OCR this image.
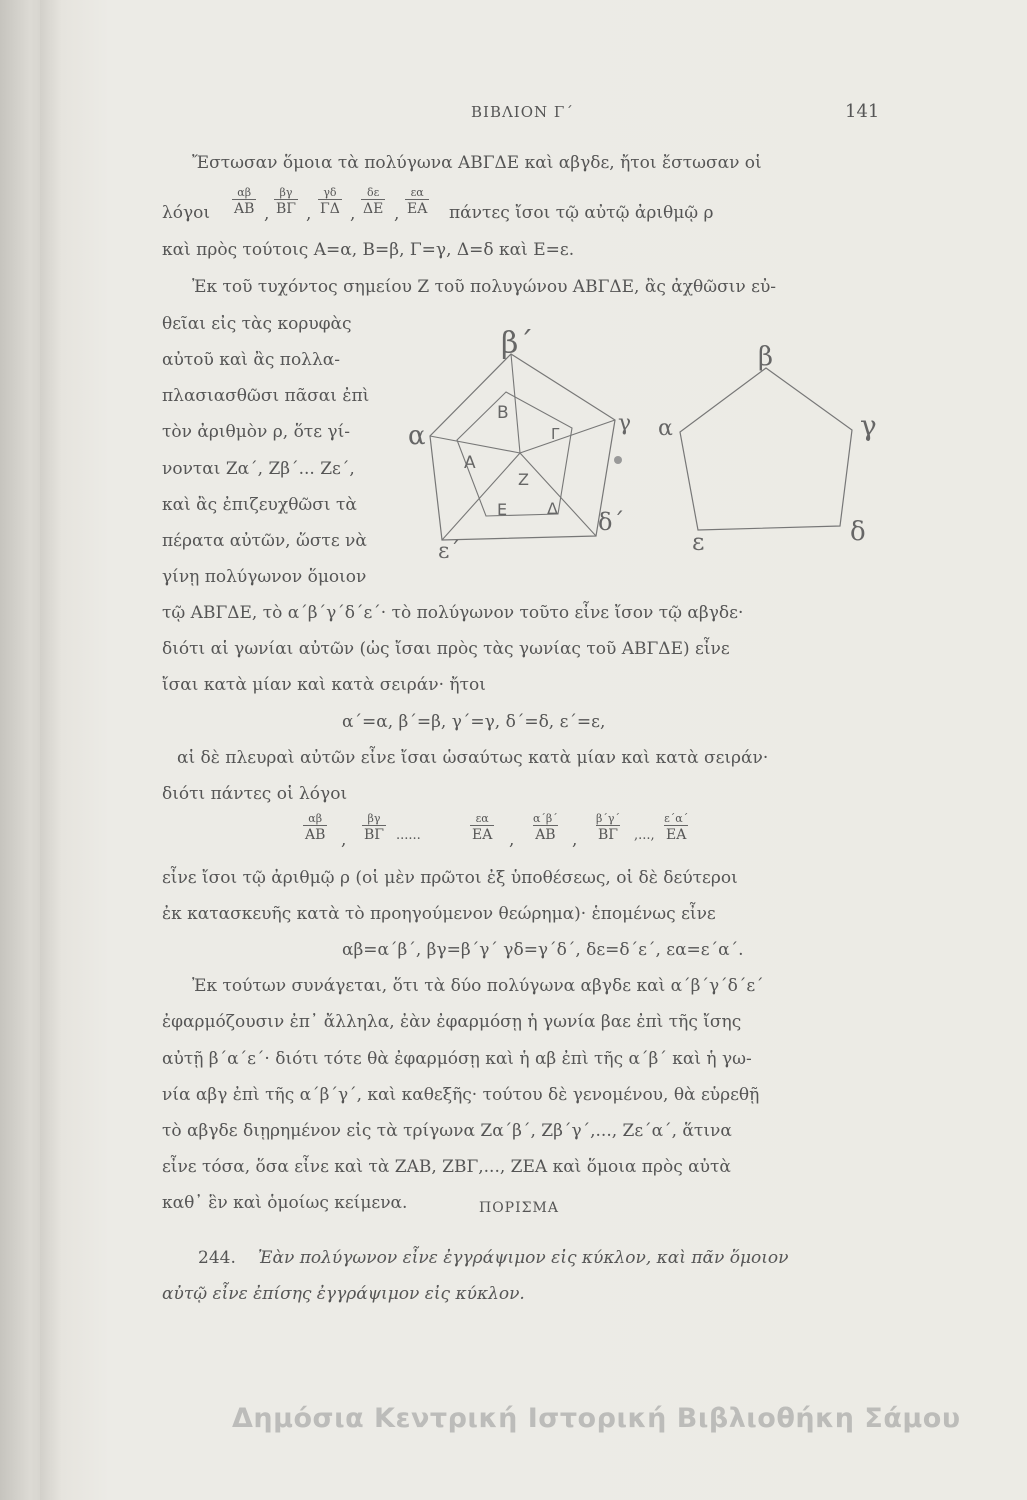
ΒΙΒΛΙΟΝ Γ΄	141
Ἔστωσαν ὅμοια τὰ πολύγωνα ΑΒΓΔΕ καὶ αβγδε, ἤτοι ἔστωσαν οἱ
λόγοι
αβ
ΑΒ ,
βγ
ΒΓ ,
γδ
ΓΔ ,
δε
ΔΕ ,
εα
ΕΑ πάντες ἴσοι τῷ αὐτῷ ἀριθμῷ ρ
καὶ πρὸς τούτοις Α=α, Β=β, Γ=γ, Δ=δ καὶ Ε=ε.
Ἐκ τοῦ τυχόντος σημείου Ζ τοῦ πολυγώνου ΑΒΓΔΕ, ἂς ἀχθῶσιν εὐ-
θεῖαι εἰς τὰς κορυφὰς
αὐτοῦ καὶ ἂς πολλα-
πλασιασθῶσι πᾶσαι ἐπὶ
τὸν ἀριθμὸν ρ, ὅτε γί-
νονται Ζα΄, Ζβ΄... Ζε΄,
καὶ ἂς ἐπιζευχθῶσι τὰ
πέρατα αὐτῶν, ὥστε νὰ
γίνῃ πολύγωνον ὅμοιον
Β
Α
Γ
Δ
Ε
Ζ
β΄
α	γ
δ΄
ε΄
β
α	γ
δ
ε
τῷ ΑΒΓΔΕ, τὸ α΄β΄γ΄δ΄ε΄· τὸ πολύγωνον τοῦτο εἶνε ἴσον τῷ αβγδε·
διότι αἱ γωνίαι αὐτῶν (ὡς ἴσαι πρὸς τὰς γωνίας τοῦ ΑΒΓΔΕ) εἶνε
ἴσαι κατὰ μίαν καὶ κατὰ σειράν· ἤτοι
α΄=α, β΄=β, γ΄=γ, δ΄=δ, ε΄=ε,
αἱ δὲ πλευραὶ αὐτῶν εἶνε ἴσαι ὡσαύτως κατὰ μίαν καὶ κατὰ σειράν·
διότι πάντες οἱ λόγοι
αβ
ΑΒ ,
βγ
ΒΓ ......
εα
ΕΑ ,
α΄β΄
ΑΒ ,
β΄γ΄
ΒΓ ,...,
ε΄α΄
ΕΑ
εἶνε ἴσοι τῷ ἀριθμῷ ρ (οἱ μὲν πρῶτοι ἐξ ὑποθέσεως, οἱ δὲ δεύτεροι
ἐκ κατασκευῆς κατὰ τὸ προηγούμενον θεώρημα)· ἑπομένως εἶνε
αβ=α΄β΄, βγ=β΄γ΄ γδ=γ΄δ΄, δε=δ΄ε΄, εα=ε΄α΄.
Ἐκ τούτων συνάγεται, ὅτι τὰ δύο πολύγωνα αβγδε καὶ α΄β΄γ΄δ΄ε΄
ἐφαρμόζουσιν ἐπ᾽ ἄλληλα, ἐὰν ἐφαρμόσῃ ἡ γωνία βαε ἐπὶ τῆς ἴσης
αὐτῇ β΄α΄ε΄· διότι τότε θὰ ἐφαρμόσῃ καὶ ἡ αβ ἐπὶ τῆς α΄β΄ καὶ ἡ γω-
νία αβγ ἐπὶ τῆς α΄β΄γ΄, καὶ καθεξῆς· τούτου δὲ γενομένου, θὰ εὑρεθῇ
τὸ αβγδε διῃρημένον εἰς τὰ τρίγωνα Ζα΄β΄, Ζβ΄γ΄,..., Ζε΄α΄, ἅτινα
εἶνε τόσα, ὅσα εἶνε καὶ τὰ ΖΑΒ, ΖΒΓ,..., ΖΕΑ καὶ ὅμοια πρὸς αὐτὰ
καθ᾽ ἓν καὶ ὁμοίως κείμενα.	ΠΟΡΙΣΜΑ
244. Ἐὰν πολύγωνον εἶνε ἐγγράψιμον εἰς κύκλον, καὶ πᾶν ὅμοιον
αὐτῷ εἶνε ἐπίσης ἐγγράψιμον εἰς κύκλον.
Δημόσια Κεντρική Ιστορική Βιβλιοθήκη Σάμου
